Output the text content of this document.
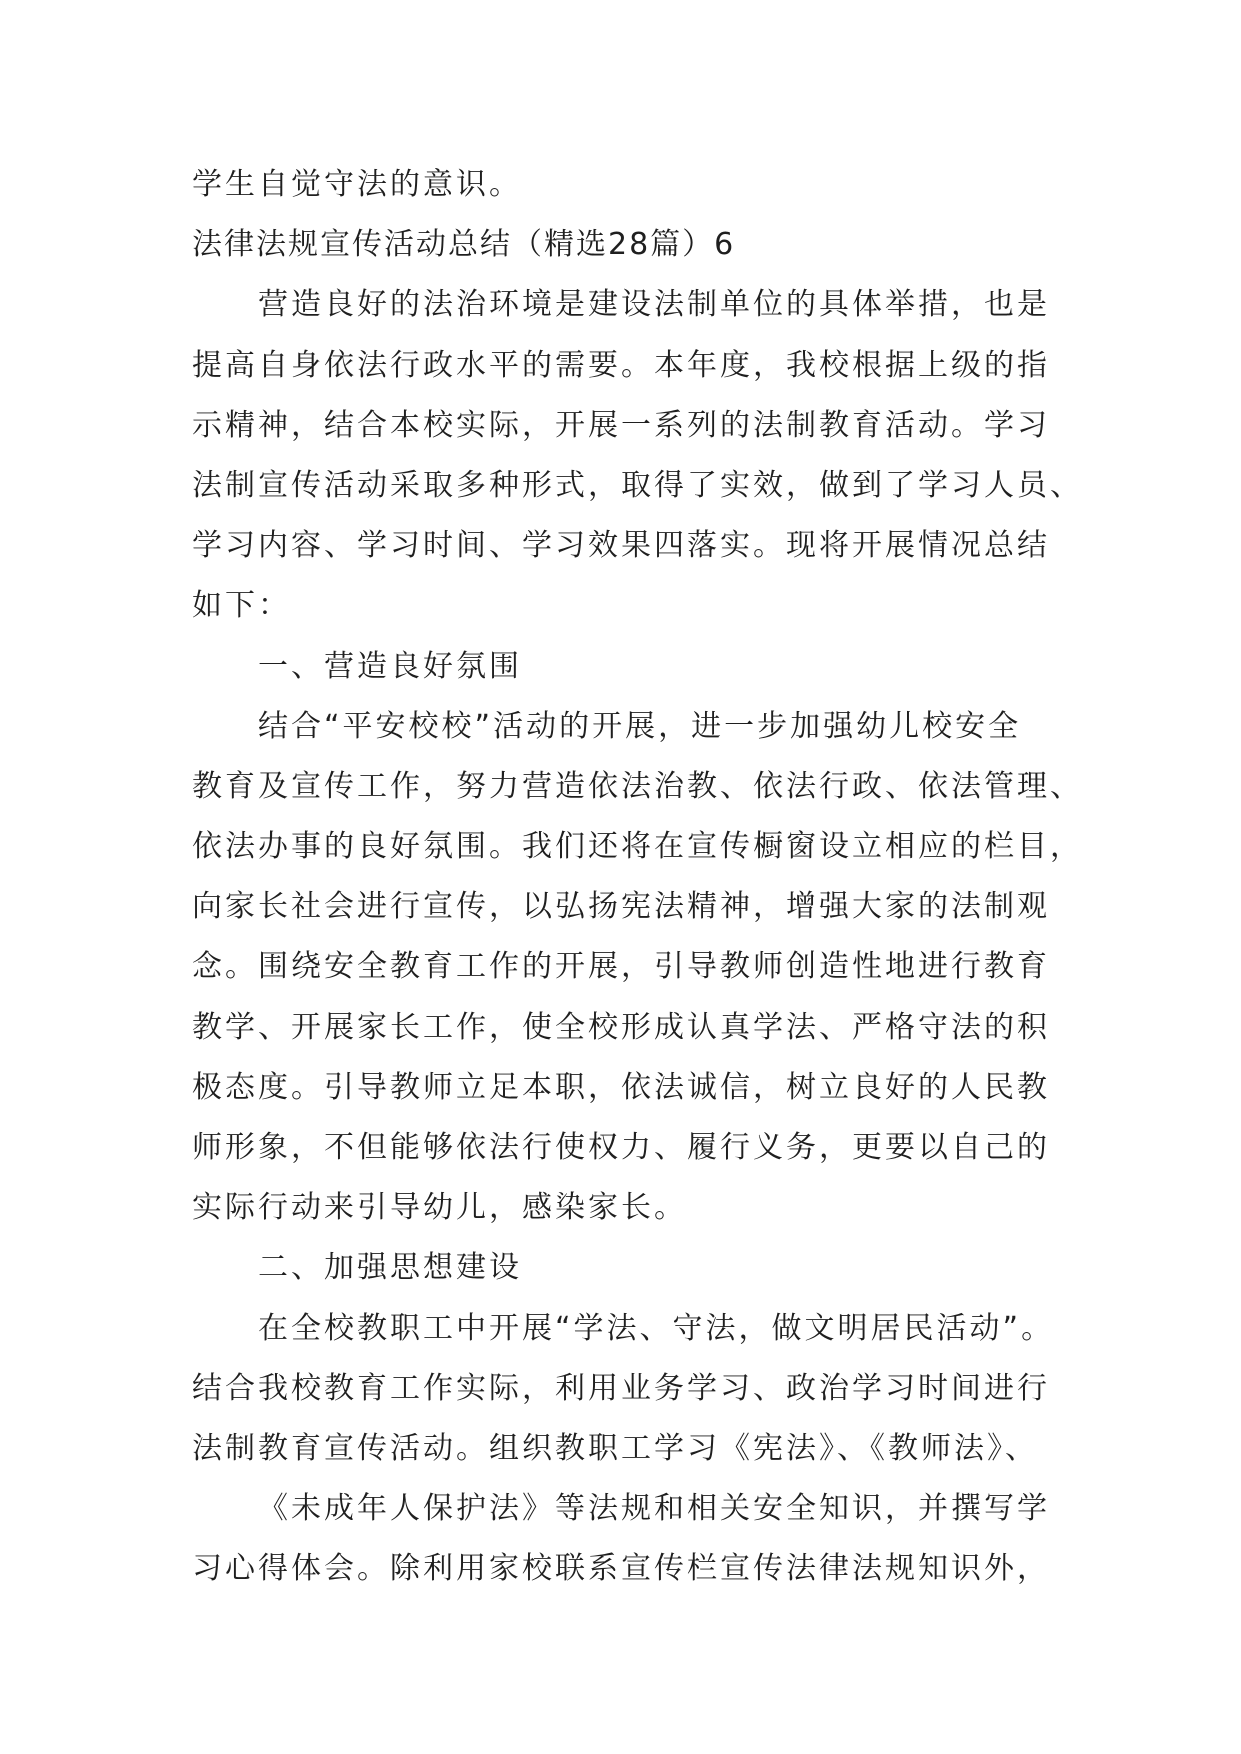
学生自觉守法的意识。
法律法规宣传活动总结（精选28篇）6
营造良好的法治环境是建设法制单位的具体举措，也是
提高自身依法行政水平的需要。本年度，我校根据上级的指
示精神，结合本校实际，开展一系列的法制教育活动。学习
法制宣传活动采取多种形式，取得了实效，做到了学习人员、
学习内容、学习时间、学习效果四落实。现将开展情况总结
如下：
一、营造良好氛围
结合“平安校校”活动的开展，进一步加强幼儿校安全
教育及宣传工作，努力营造依法治教、依法行政、依法管理、
依法办事的良好氛围。我们还将在宣传橱窗设立相应的栏目，
向家长社会进行宣传，以弘扬宪法精神，增强大家的法制观
念。围绕安全教育工作的开展，引导教师创造性地进行教育
教学、开展家长工作，使全校形成认真学法、严格守法的积
极态度。引导教师立足本职，依法诚信，树立良好的人民教
师形象，不但能够依法行使权力、履行义务，更要以自己的
实际行动来引导幼儿，感染家长。
二、加强思想建设
在全校教职工中开展“学法、守法，做文明居民活动”。
结合我校教育工作实际，利用业务学习、政治学习时间进行
法制教育宣传活动。组织教职工学习《宪法》、《教师法》、
《未成年人保护法》等法规和相关安全知识，并撰写学
习心得体会。除利用家校联系宣传栏宣传法律法规知识外，
